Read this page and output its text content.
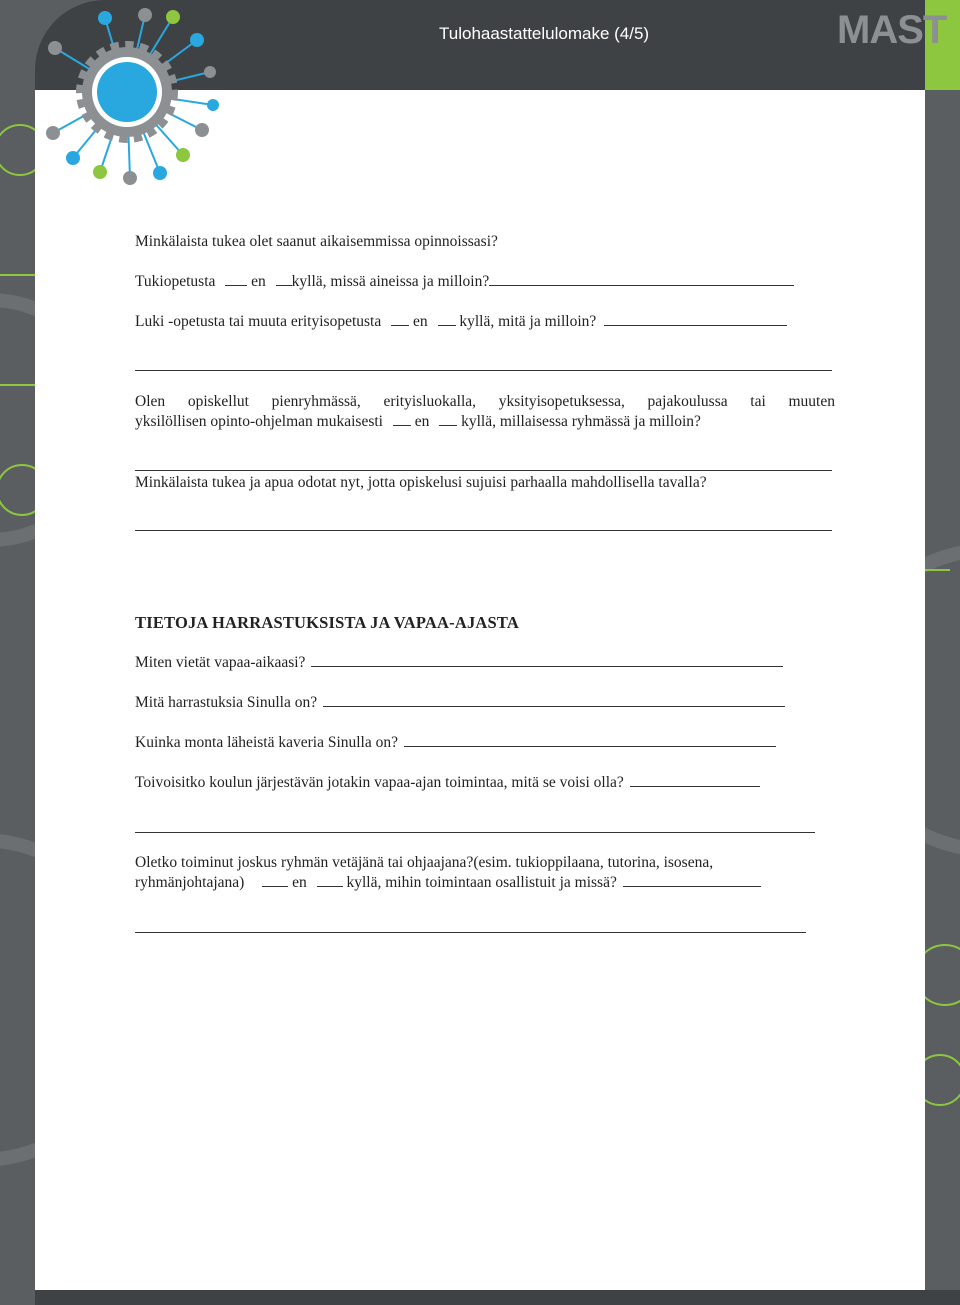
Tulohaastattelulomake (4/5)	MAST
Minkälaista tukea olet saanut aikaisemmissa opinnoissasi?
Tukiopetusta en kyllä, missä aineissa ja milloin?
Luki -opetusta tai muuta erityisopetusta en kyllä, mitä ja milloin?
Olen opiskellut pienryhmässä, erityisluokalla, yksityisopetuksessa, pajakoulussa tai muuten
yksilöllisen opinto-ohjelman mukaisesti en kyllä, millaisessa ryhmässä ja milloin?
Minkälaista tukea ja apua odotat nyt, jotta opiskelusi sujuisi parhaalla mahdollisella tavalla?
TIETOJA HARRASTUKSISTA JA VAPAA-AJASTA
Miten vietät vapaa-aikaasi?
Mitä harrastuksia Sinulla on?
Kuinka monta läheistä kaveria Sinulla on?
Toivoisitko koulun järjestävän jotakin vapaa-ajan toimintaa, mitä se voisi olla?
Oletko toiminut joskus ryhmän vetäjänä tai ohjaajana?(esim. tukioppilaana, tutorina, isosena,
ryhmänjohtajana)	en	kyllä, mihin toimintaan osallistuit ja missä?
